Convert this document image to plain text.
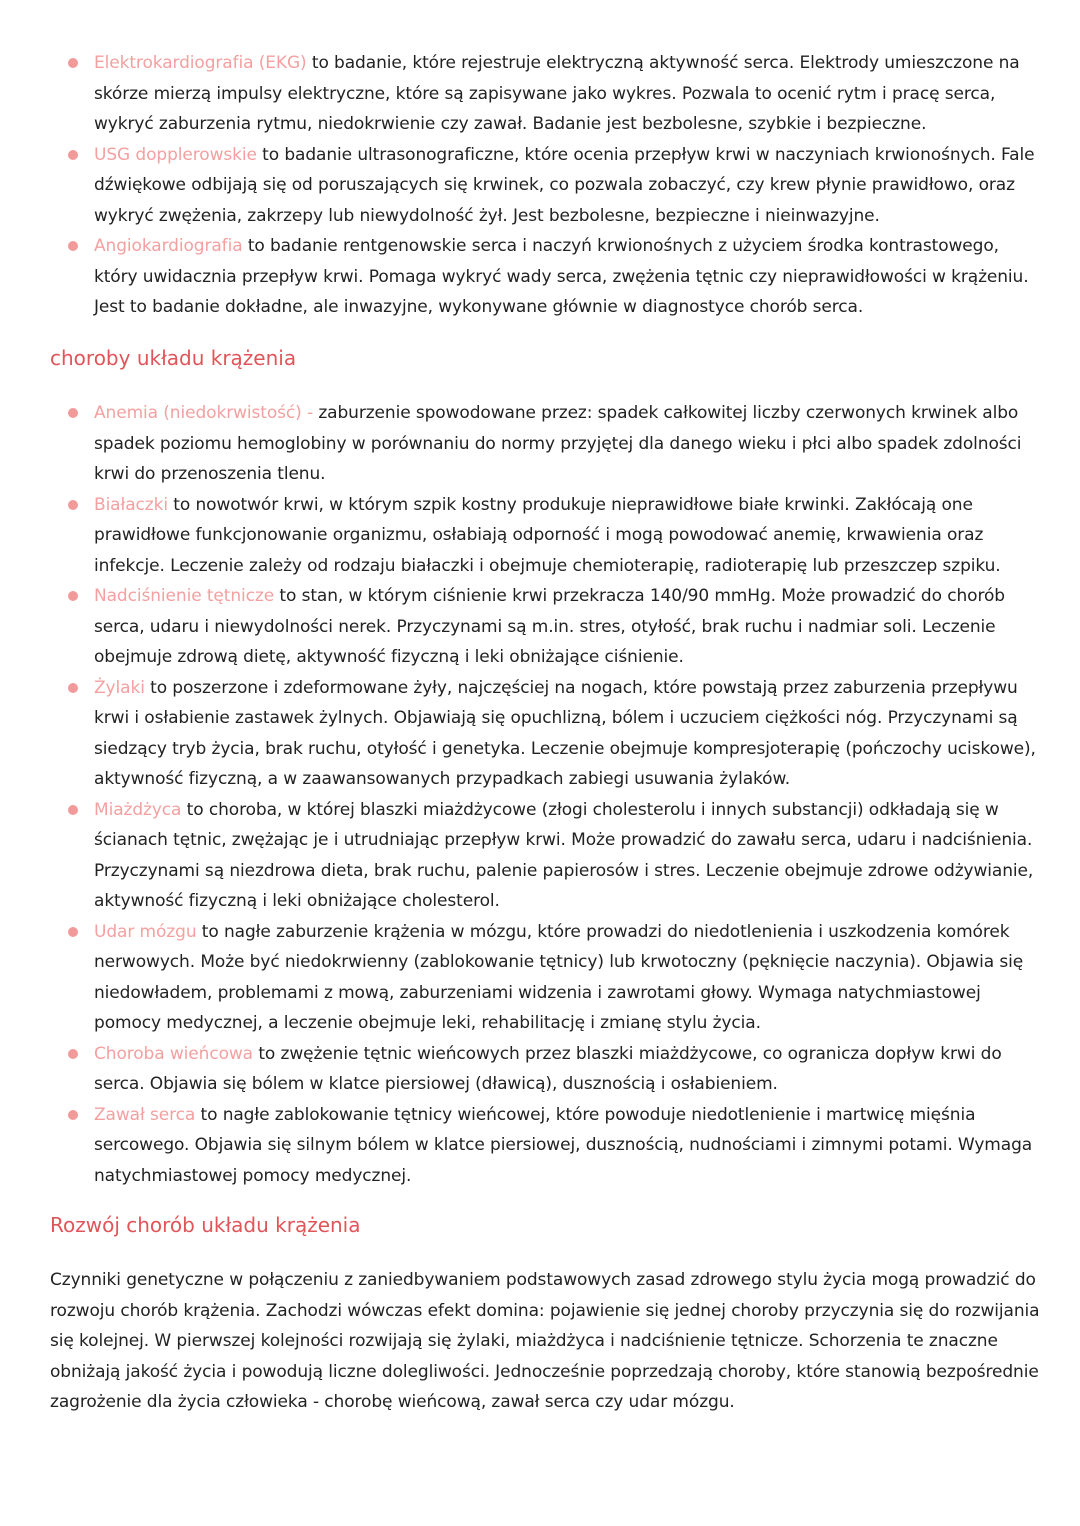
Elektrokardiografia (EKG) to badanie, które rejestruje elektryczną aktywność serca. Elektrody umieszczone na skórze mierzą impulsy elektryczne, które są zapisywane jako wykres. Pozwala to ocenić rytm i pracę serca, wykryć zaburzenia rytmu, niedokrwienie czy zawał. Badanie jest bezbolesne, szybkie i bezpieczne.
USG dopplerowskie to badanie ultrasonograficzne, które ocenia przepływ krwi w naczyniach krwionośnych. Fale dźwiękowe odbijają się od poruszających się krwinek, co pozwala zobaczyć, czy krew płynie prawidłowo, oraz wykryć zwężenia, zakrzepy lub niewydolność żył. Jest bezbolesne, bezpieczne i nieinwazyjne.
Angiokardiografia to badanie rentgenowskie serca i naczyń krwionośnych z użyciem środka kontrastowego, który uwidacznia przepływ krwi. Pomaga wykryć wady serca, zwężenia tętnic czy nieprawidłowości w krążeniu. Jest to badanie dokładne, ale inwazyjne, wykonywane głównie w diagnostyce chorób serca.
choroby układu krążenia
Anemia (niedokrwistość) - zaburzenie spowodowane przez: spadek całkowitej liczby czerwonych krwinek albo spadek poziomu hemoglobiny w porównaniu do normy przyjętej dla danego wieku i płci albo spadek zdolności krwi do przenoszenia tlenu.
Białaczki to nowotwór krwi, w którym szpik kostny produkuje nieprawidłowe białe krwinki. Zakłócają one prawidłowe funkcjonowanie organizmu, osłabiają odporność i mogą powodować anemię, krwawienia oraz infekcje. Leczenie zależy od rodzaju białaczki i obejmuje chemioterapię, radioterapię lub przeszczep szpiku.
Nadciśnienie tętnicze to stan, w którym ciśnienie krwi przekracza 140/90 mmHg. Może prowadzić do chorób serca, udaru i niewydolności nerek. Przyczynami są m.in. stres, otyłość, brak ruchu i nadmiar soli. Leczenie obejmuje zdrową dietę, aktywność fizyczną i leki obniżające ciśnienie.
Żylaki to poszerzone i zdeformowane żyły, najczęściej na nogach, które powstają przez zaburzenia przepływu krwi i osłabienie zastawek żylnych. Objawiają się opuchlizną, bólem i uczuciem ciężkości nóg. Przyczynami są siedzący tryb życia, brak ruchu, otyłość i genetyka. Leczenie obejmuje kompresjoterapię (pończochy uciskowe), aktywność fizyczną, a w zaawansowanych przypadkach zabiegi usuwania żylaków.
Miażdżyca to choroba, w której blaszki miażdżycowe (złogi cholesterolu i innych substancji) odkładają się w ścianach tętnic, zwężając je i utrudniając przepływ krwi. Może prowadzić do zawału serca, udaru i nadciśnienia. Przyczynami są niezdrowa dieta, brak ruchu, palenie papierosów i stres. Leczenie obejmuje zdrowe odżywianie, aktywność fizyczną i leki obniżające cholesterol.
Udar mózgu to nagłe zaburzenie krążenia w mózgu, które prowadzi do niedotlenienia i uszkodzenia komórek nerwowych. Może być niedokrwienny (zablokowanie tętnicy) lub krwotoczny (pęknięcie naczynia). Objawia się niedowładem, problemami z mową, zaburzeniami widzenia i zawrotami głowy. Wymaga natychmiastowej pomocy medycznej, a leczenie obejmuje leki, rehabilitację i zmianę stylu życia.
Choroba wieńcowa to zwężenie tętnic wieńcowych przez blaszki miażdżycowe, co ogranicza dopływ krwi do serca. Objawia się bólem w klatce piersiowej (dławicą), dusznością i osłabieniem.
Zawał serca to nagłe zablokowanie tętnicy wieńcowej, które powoduje niedotlenienie i martwicę mięśnia sercowego. Objawia się silnym bólem w klatce piersiowej, dusznością, nudnościami i zimnymi potami. Wymaga natychmiastowej pomocy medycznej.
Rozwój chorób układu krążenia

Czynniki genetyczne w połączeniu z zaniedbywaniem podstawowych zasad zdrowego stylu życia mogą prowadzić do rozwoju chorób krążenia. Zachodzi wówczas efekt domina: pojawienie się jednej choroby przyczynia się do rozwijania się kolejnej. W pierwszej kolejności rozwijają się żylaki, miażdżyca i nadciśnienie tętnicze. Schorzenia te znaczne obniżają jakość życia i powodują liczne dolegliwości. Jednocześnie poprzedzają choroby, które stanowią bezpośrednie zagrożenie dla życia człowieka - chorobę wieńcową, zawał serca czy udar mózgu.
